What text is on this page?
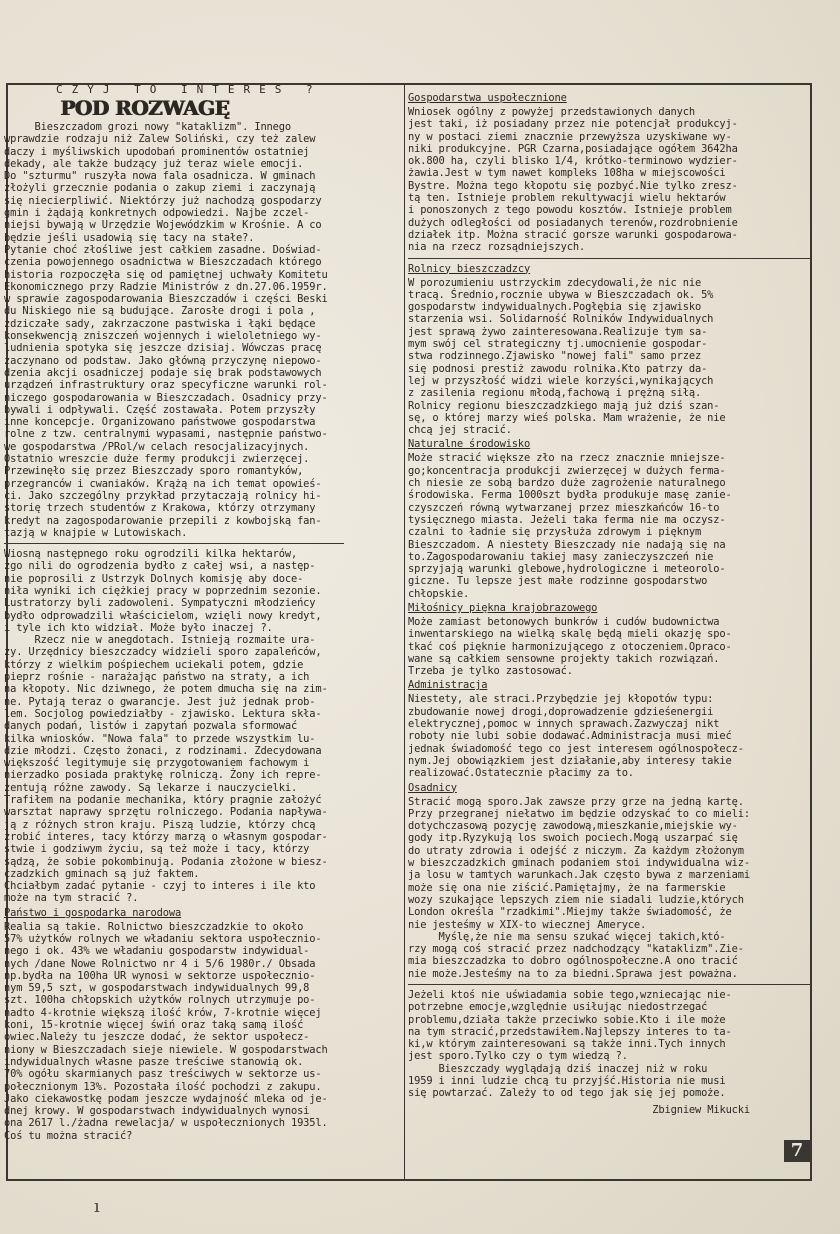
CZYJ TO INTERES ?
POD ROZWAGĘ

Bieszczadom grozi nowy "kataklizm". Innego
wprawdzie rodzaju niż Zalew Soliński, czy też zalew
daczy i myśliwskich upodobań prominentów ostatniej
dekady, ale także budzący już teraz wiele emocji.
Do "szturmu" ruszyła nowa fala osadnicza. W gminach
złożyli grzecznie podania o zakup ziemi i zaczynają
się niecierpliwić. Niektórzy już nachodzą gospodarzy
gmin i żądają konkretnych odpowiedzi. Najbe zczel-
niejsi bywają w Urzędzie Wojewódzkim w Krośnie. A co
będzie jeśli usadowią się tacy na stałe?.
Pytanie choć złośliwe jest całkiem zasadne. Doświad-
czenia powojennego osadnictwa w Bieszczadach którego
historia rozpoczęła się od pamiętnej uchwały Komitetu
Ekonomicznego przy Radzie Ministrów z dn.27.06.1959r.
w sprawie zagospodarowania Bieszczadów i części Beski
du Niskiego nie są budujące. Zarosłe drogi i pola ,
zdziczałe sady, zakrzaczone pastwiska i łąki będące
konsekwencją zniszczeń wojennych i wieloletniego wy-
ludnienia spotyka się jeszcze dzisiaj. Wówczas pracę
zaczynano od podstaw. Jako główną przyczynę niepowo-
dzenia akcji osadniczej podaje się brak podstawowych
urządzeń infrastruktury oraz specyficzne warunki rol-
niczego gospodarowania w Bieszczadach. Osadnicy przy-
bywali i odpływali. Część zostawała. Potem przyszły
inne koncepcje. Organizowano państwowe gospodarstwa
rolne z tzw. centralnymi wypasami, następnie państwo-
we gospodarstwa /PRol/w celach resocjalizacyjnych.
Ostatnio wreszcie duże fermy produkcji zwierzęcej.
Przewinęło się przez Bieszczady sporo romantyków,
przegranców i cwaniaków. Krążą na ich temat opowieś-
ci. Jako szczególny przykład przytaczają rolnicy hi-
storię trzech studentów z Krakowa, którzy otrzymany
kredyt na zagospodarowanie przepili z kowbojską fan-
tazją w knajpie w Lutowiskach.

Wiosną następnego roku ogrodzili kilka hektarów,
zgo nili do ogrodzenia bydło z całej wsi, a następ-
nie poprosili z Ustrzyk Dolnych komisję aby doce-
niła wyniki ich ciężkiej pracy w poprzednim sezonie.
Lustratorzy byli zadowoleni. Sympatyczni młodzieńcy
bydło odprowadzili właścicielom, wzięli nowy kredyt,
i tyle ich kto widział. Może było inaczej ?.
Rzecz nie w anegdotach. Istnieją rozmaite ura-
zy. Urzędnicy bieszczadcy widzieli sporo zapaleńców,
którzy z wielkim pośpiechem uciekali potem, gdzie
pieprz rośnie - narażając państwo na straty, a ich
na kłopoty. Nic dziwnego, że potem dmucha się na zim-
ne. Pytają teraz o gwarancje. Jest już jednak prob-
lem. Socjolog powiedziałby - zjawisko. Lektura skła-
danych podań, listów i zapytań pozwala sformować
kilka wniosków. "Nowa fala" to przede wszystkim lu-
dzie młodzi. Często żonaci, z rodzinami. Zdecydowana
większość legitymuje się przygotowaniem fachowym i
nierzadko posiada praktykę rolniczą. Żony ich repre-
zentują różne zawody. Są lekarze i nauczycielki.
Trafiłem na podanie mechanika, który pragnie założyć
warsztat naprawy sprzętu rolniczego. Podania napływa-
ją z różnych stron kraju. Piszą ludzie, którzy chcą
zrobić interes, tacy którzy marzą o własnym gospodar-
stwie i godziwym życiu, są też może i tacy, którzy
sądzą, że sobie pokombinują. Podania złożone w biesz-
czadzkich gminach są już faktem.
Chciałbym zadać pytanie - czyj to interes i ile kto
może na tym stracić ?.

Państwo i gospodarka narodowa

Realia są takie. Rolnictwo bieszczadzkie to około
57% użytków rolnych we władaniu sektora uspołeczniо-
nego i ok. 43% we władaniu gospodarstw indywidual-
nych /dane Nowe Rolnictwo nr 4 i 5/6 1980r./ Obsada
np.bydła na 100ha UR wynosi w sektorze uspołeczniо-
nym 59,5 szt, w gospodarstwach indywidualnych 99,8
szt. 100ha chłopskich użytków rolnych utrzymuje po-
nadto 4-krotnie większą ilość krów, 7-krotnie więcej
koni, 15-krotnie więcej świń oraz taką samą ilość
owiec.Należy tu jeszcze dodać, że sektor uspołecz-
niony w Bieszczadach sieje niewiele. W gospodarstwach
indywidualnych własne pasze treściwe stanowią ok.
70% ogółu skarmianych pasz treściwych w sektorze us-
połecznionym 13%. Pozostała ilość pochodzi z zakupu.
Jako ciekawostkę podam jeszcze wydajność mleka od je-
dnej krowy. W gospodarstwach indywidualnych wynosi
ona 2617 l./żadna rewelacja/ w uspołecznionych 1935l.
Coś tu można stracić?

Gospodarstwa uspołecznione

Wniosek ogólny z powyżej przedstawionych danych
jest taki, iż posiadany przez nie potencjał produkcyj-
ny w postaci ziemi znacznie przewyższa uzyskiwane wy-
niki produkcyjne. PGR Czarna,posiadające ogółem 3642ha
ok.800 ha, czyli blisko 1/4, krótko-terminowo wydzier-
żawia.Jest w tym nawet kompleks 108ha w miejscowości
Bystre. Można tego kłopotu się pozbyć.Nie tylko zresz-
tą ten. Istnieje problem rekultywacji wielu hektarów
i ponoszonych z tego powodu kosztów. Istnieje problem
dużych odległości od posiadanych terenów,rozdrobnienie
działek itp. Można stracić gorsze warunki gospodarowa-
nia na rzecz rozsądniejszych.

Rolnicy bieszczadzcy

W porozumieniu ustrzyckim zdecydowali,że nic nie
tracą. Średnio,rocznie ubywa w Bieszczadach ok. 5%
gospodarstw indywidualnych.Pogłębia się zjawisko
starzenia wsi. Solidarność Rolników Indywidualnych
jest sprawą żywo zainteresowana.Realizuje tym sa-
mym swój cel strategiczny tj.umocnienie gospodar-
stwa rodzinnego.Zjawisko "nowej fali" samo przez
się podnosi prestiż zawodu rolnika.Kto patrzy da-
lej w przyszłość widzi wiele korzyści,wynikających
z zasilenia regionu młodą,fachową i prężną siłą.
Rolnicy regionu bieszczadzkiego mają już dziś szan-
sę, o której marzy wieś polska. Mam wrażenie, że nie
chcą jej stracić.

Naturalne środowisko

Może stracić większe zło na rzecz znacznie mniejsze-
go;koncentracja produkcji zwierzęcej w dużych ferma-
ch niesie ze sobą bardzo duże zagrożenie naturalnego
środowiska. Ferma 1000szt bydła produkuje masę zanie-
czyszczeń równą wytwarzanej przez mieszkańców 16-to
tysięcznego miasta. Jeżeli taka ferma nie ma oczysz-
czalni to ładnie się przysłuża zdrowym i pięknym
Bieszczadom. A niestety Bieszczady nie nadają się na
to.Zagospodarowaniu takiej masy zanieczyszczeń nie
sprzyjają warunki glebowe,hydrologiczne i meteorolo-
giczne. Tu lepsze jest małe rodzinne gospodarstwo
chłopskie.

Miłośnicy piękna krajobrazowego

Może zamiast betonowych bunkrów i cudów budownictwa
inwentarskiego na wielką skalę będą mieli okazję spo-
tkać coś pięknie harmonizującego z otoczeniem.Opraco-
wane są całkiem sensowne projekty takich rozwiązań.
Trzeba je tylko zastosować.

Administracja

Niestety, ale straci.Przybędzie jej kłopotów typu:
zbudowanie nowej drogi,doprowadzenie gdzieśenergii
elektrycznej,pomoc w innych sprawach.Zazwyczaj nikt
roboty nie lubi sobie dodawać.Administracja musi mieć
jednak świadomość tego co jest interesem ogólnospołecz-
nym.Jej obowiązkiem jest działanie,aby interesy takie
realizować.Ostatecznie płacimy za to.

Osadnicy

Stracić mogą sporo.Jak zawsze przy grze na jedną kartę.
Przy przegranej niełatwo im będzie odzyskać to co mieli:
dotychczasową pozycję zawodową,mieszkanie,miejskie wy-
gody itp.Ryzykują los swoich pociech.Mogą uszarpać się
do utraty zdrowia i odejść z niczym. Za każdym złożonym
w bieszczadzkich gminach podaniem stoi indywidualna wiz-
ja losu w tamtych warunkach.Jak często bywa z marzeniami
może się ona nie ziścić.Pamiętajmy, że na farmerskie
wozy szukające lepszych ziem nie siadali ludzie,których
London określa "rzadkimi".Miejmy także świadomość, że
nie jesteśmy w XIX-to wiecznej Ameryce.
Myślę,że nie ma sensu szukać więcej takich,któ-
rzy mogą coś stracić przez nadchodzący "kataklizm".Zie-
mia bieszczadzka to dobro ogólnospołeczne.A ono tracić
nie może.Jesteśmy na to za biedni.Sprawa jest poważna.

Jeżeli ktoś nie uświadamia sobie tego,wzniecając nie-
potrzebne emocje,względnie usiłując niedostrzegać
problemu,działa także przeciwko sobie.Kto i ile może
na tym stracić,przedstawiłem.Najlepszy interes to ta-
ki,w którym zainteresowani są także inni.Tych innych
jest sporo.Tylko czy o tym wiedzą ?.
Bieszczady wyglądają dziś inaczej niż w roku
1959 i inni ludzie chcą tu przyjść.Historia nie musi
się powtarzać. Zależy to od tego jak się jej pomoże.

Zbigniew Mikucki
7
ı
